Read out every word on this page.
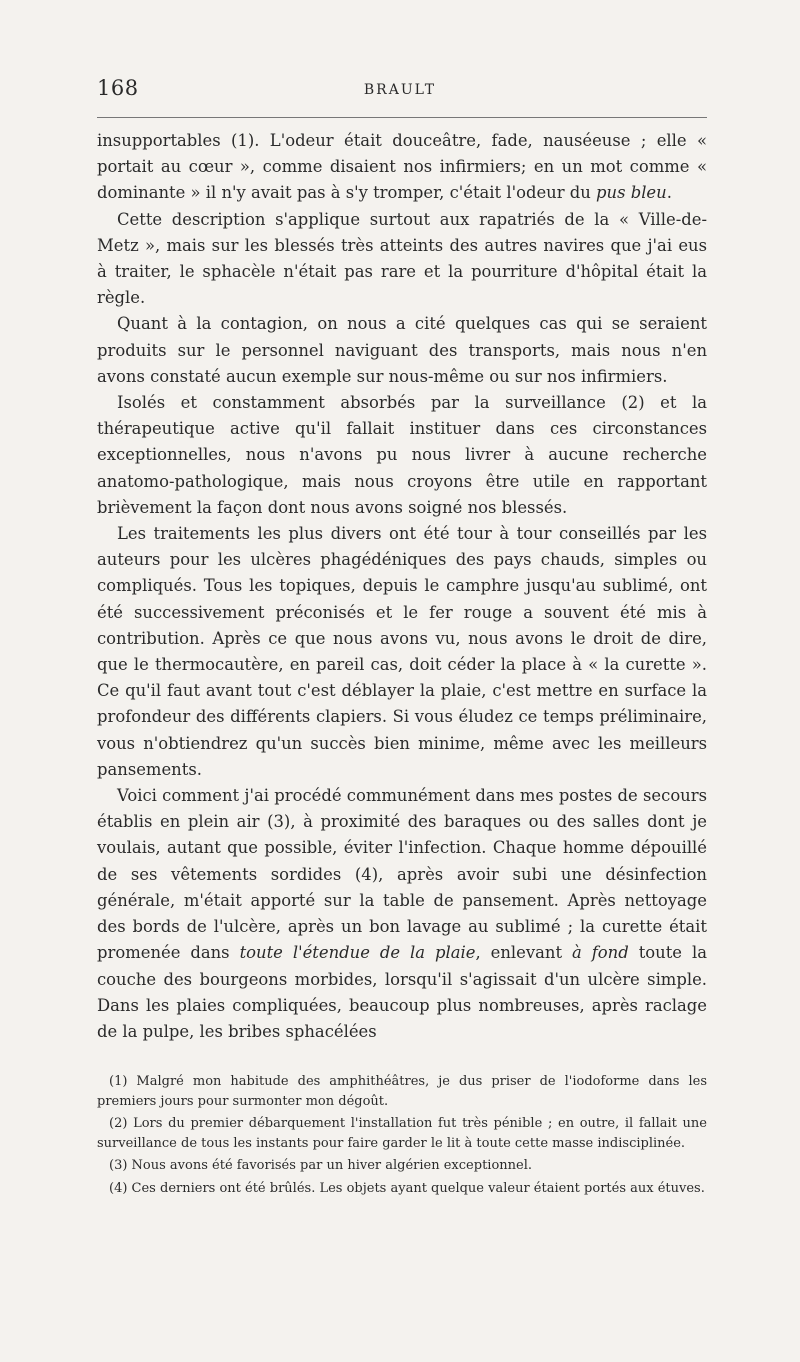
168	BRAULT

insupportables (1). L'odeur était douceâtre, fade, nauséeuse ; elle « portait au cœur », comme disaient nos infirmiers; en un mot comme « dominante » il n'y avait pas à s'y tromper, c'était l'odeur du pus bleu.

Cette description s'applique surtout aux rapatriés de la « Ville-de-Metz », mais sur les blessés très atteints des autres navires que j'ai eus à traiter, le sphacèle n'était pas rare et la pourriture d'hôpital était la règle.

Quant à la contagion, on nous a cité quelques cas qui se seraient produits sur le personnel naviguant des transports, mais nous n'en avons constaté aucun exemple sur nous-même ou sur nos infirmiers.

Isolés et constamment absorbés par la surveillance (2) et la thérapeutique active qu'il fallait instituer dans ces circonstances exceptionnelles, nous n'avons pu nous livrer à aucune recherche anatomo-pathologique, mais nous croyons être utile en rapportant brièvement la façon dont nous avons soigné nos blessés.

Les traitements les plus divers ont été tour à tour conseillés par les auteurs pour les ulcères phagédéniques des pays chauds, simples ou compliqués. Tous les topiques, depuis le camphre jusqu'au sublimé, ont été successivement préconisés et le fer rouge a souvent été mis à contribution. Après ce que nous avons vu, nous avons le droit de dire, que le thermocautère, en pareil cas, doit céder la place à « la curette ». Ce qu'il faut avant tout c'est déblayer la plaie, c'est mettre en surface la profondeur des différents clapiers. Si vous éludez ce temps préliminaire, vous n'obtiendrez qu'un succès bien minime, même avec les meilleurs pansements.

Voici comment j'ai procédé communément dans mes postes de secours établis en plein air (3), à proximité des baraques ou des salles dont je voulais, autant que possible, éviter l'infection. Chaque homme dépouillé de ses vêtements sordides (4), après avoir subi une désinfection générale, m'était apporté sur la table de pansement. Après nettoyage des bords de l'ulcère, après un bon lavage au sublimé ; la curette était promenée dans toute l'étendue de la plaie, enlevant à fond toute la couche des bourgeons morbides, lorsqu'il s'agissait d'un ulcère simple. Dans les plaies compliquées, beaucoup plus nombreuses, après raclage de la pulpe, les bribes sphacélées

(1) Malgré mon habitude des amphithéâtres, je dus priser de l'iodoforme dans les premiers jours pour surmonter mon dégoût.

(2) Lors du premier débarquement l'installation fut très pénible ; en outre, il fallait une surveillance de tous les instants pour faire garder le lit à toute cette masse indisciplinée.

(3) Nous avons été favorisés par un hiver algérien exceptionnel.

(4) Ces derniers ont été brûlés. Les objets ayant quelque valeur étaient portés aux étuves.
